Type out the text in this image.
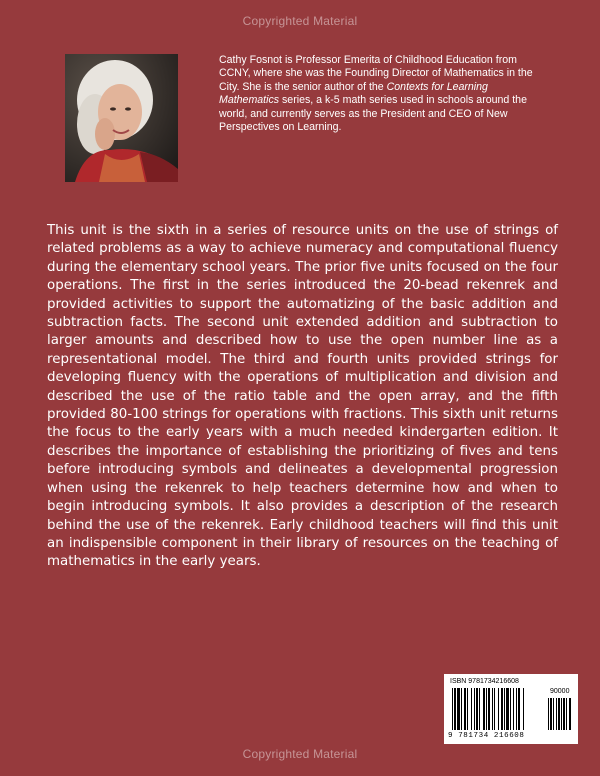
Copyrighted Material
Cathy Fosnot is Professor Emerita of Childhood Education from CCNY, where she was the Founding Director of Mathematics in the City. She is the senior author of the Contexts for Learning Mathematics series, a k-5 math series used in schools around the world, and currently serves as the President and CEO of New Perspectives on Learning.
This unit is the sixth in a series of resource units on the use of strings of related problems as a way to achieve numeracy and computational fluency during the elementary school years. The prior five units focused on the four operations. The first in the series introduced the 20-bead rekenrek and provided activities to support the automatizing of the basic addition and subtraction facts. The second unit extended addition and subtraction to larger amounts and described how to use the open number line as a representational model. The third and fourth units provided strings for developing fluency with the operations of multiplication and division and described the use of the ratio table and the open array, and the fifth provided 80-100 strings for operations with fractions. This sixth unit returns the focus to the early years with a much needed kindergarten edition. It describes the importance of establishing the prioritizing of fives and tens before introducing symbols and delineates a developmental progression when using the rekenrek to help teachers determine how and when to begin introducing symbols. It also provides a description of the research behind the use of the rekenrek. Early childhood teachers will find this unit an indispensible component in their library of resources on the teaching of mathematics in the early years.
ISBN 9781734216608
90000
9 781734 216608
Copyrighted Material
